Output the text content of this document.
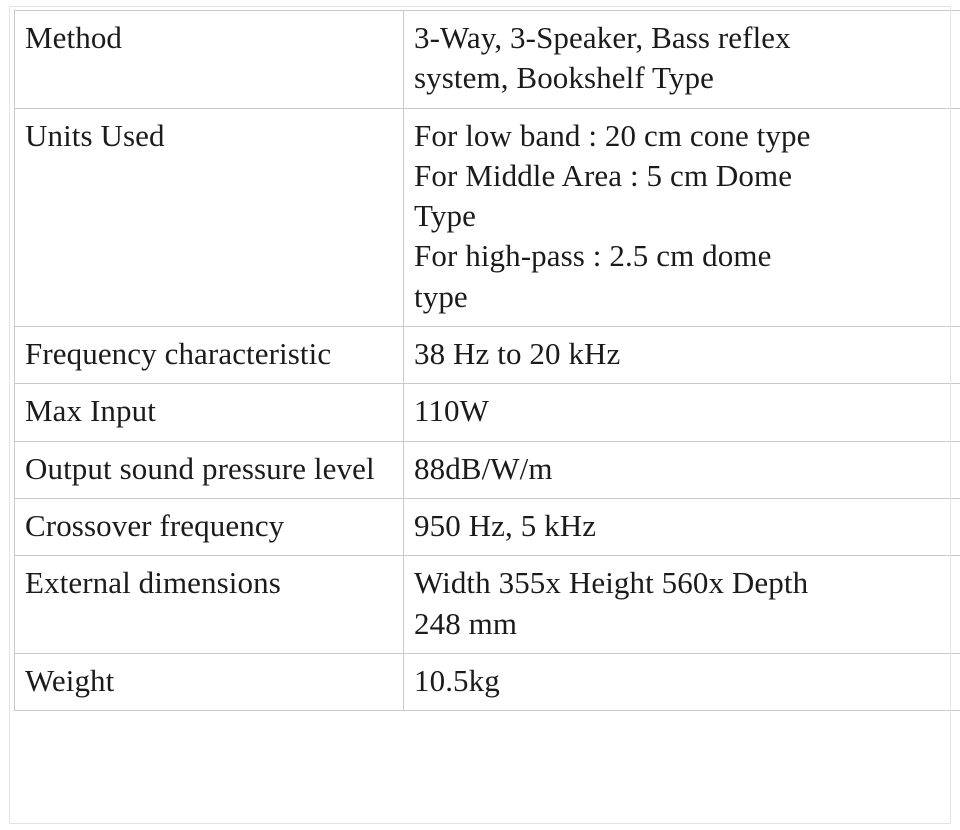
Method	3-Way, 3-Speaker, Bass reflex
system, Bookshelf Type

Units Used	For low band : 20 cm cone type
For Middle Area : 5 cm Dome
Type
For high-pass : 2.5 cm dome
type

Frequency characteristic	38 Hz to 20 kHz

Max Input	110W

Output sound pressure level	88dB/W/m

Crossover frequency	950 Hz, 5 kHz

External dimensions	Width 355x Height 560x Depth
248 mm

Weight	10.5kg
